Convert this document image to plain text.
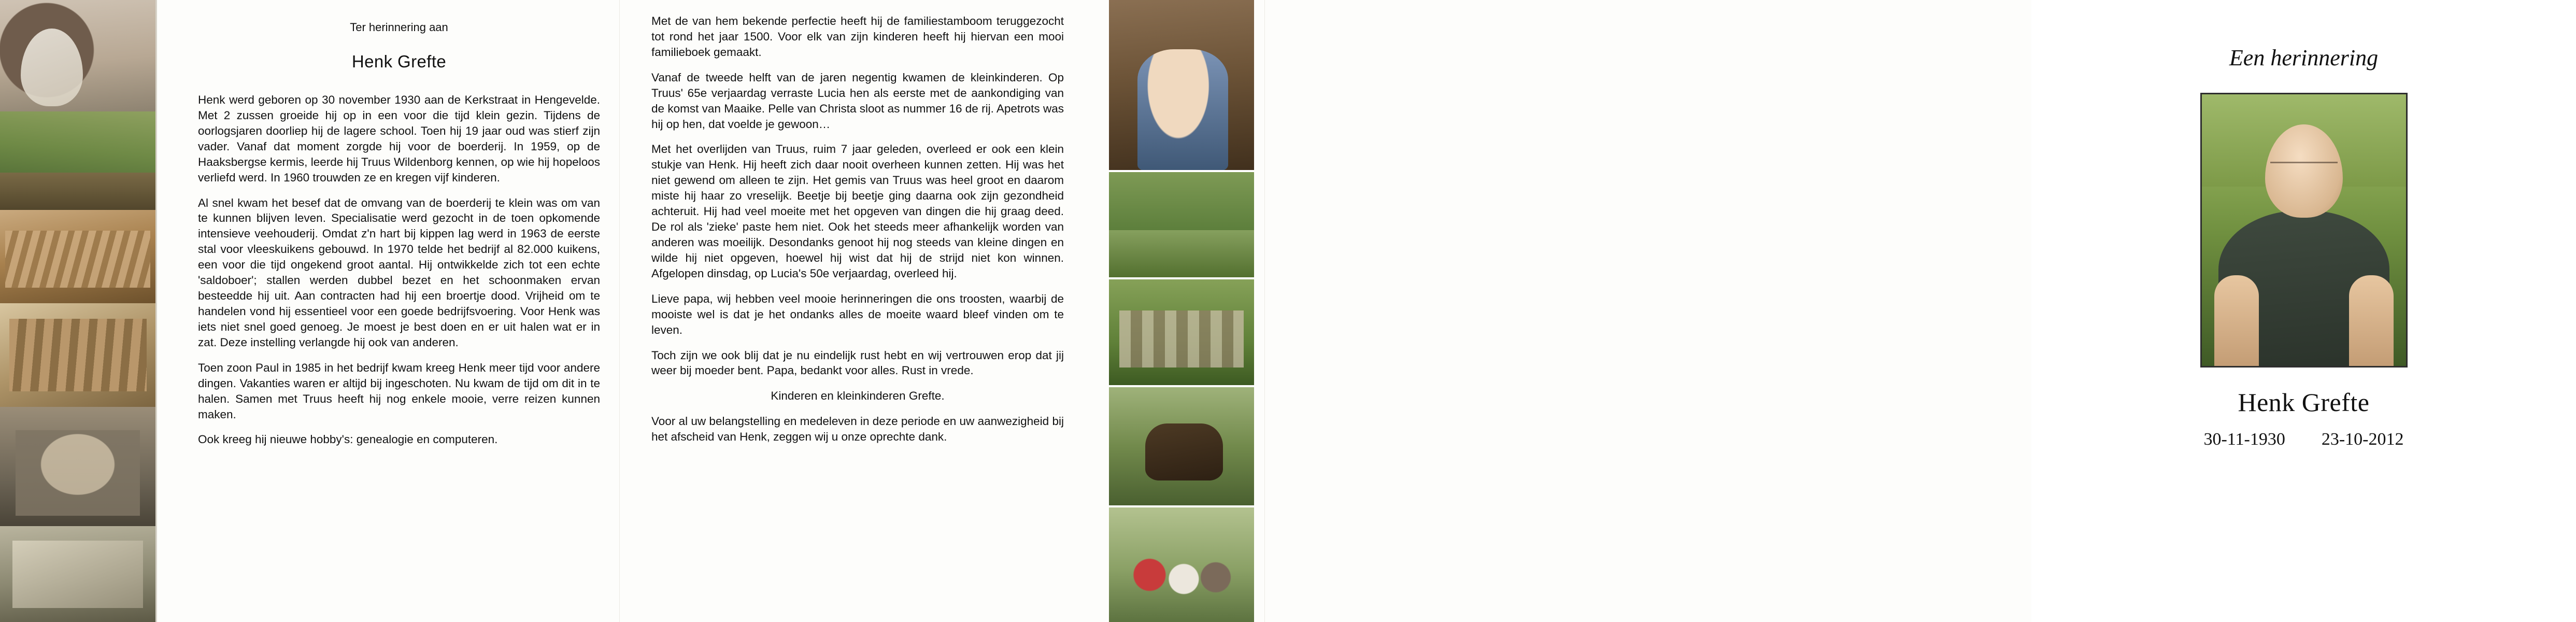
Ter herinnering aan
Henk Grefte

Henk werd geboren op 30 november 1930 aan de Kerkstraat in Hengevelde. Met 2 zussen groeide hij op in een voor die tijd klein gezin. Tijdens de oorlogsjaren doorliep hij de lagere school. Toen hij 19 jaar oud was stierf zijn vader. Vanaf dat moment zorgde hij voor de boerderij. In 1959, op de Haaksbergse kermis, leerde hij Truus Wildenborg kennen, op wie hij hopeloos verliefd werd. In 1960 trouwden ze en kregen vijf kinderen.

Al snel kwam het besef dat de omvang van de boerderij te klein was om van te kunnen blijven leven. Specialisatie werd gezocht in de toen opkomende intensieve veehouderij. Omdat z'n hart bij kippen lag werd in 1963 de eerste stal voor vleeskuikens gebouwd. In 1970 telde het bedrijf al 82.000 kuikens, een voor die tijd ongekend groot aantal. Hij ontwikkelde zich tot een echte 'saldoboer'; stallen werden dubbel bezet en het schoonmaken ervan besteedde hij uit. Aan contracten had hij een broertje dood. Vrijheid om te handelen vond hij essentieel voor een goede bedrijfsvoering. Voor Henk was iets niet snel goed genoeg. Je moest je best doen en er uit halen wat er in zat. Deze instelling verlangde hij ook van anderen.

Toen zoon Paul in 1985 in het bedrijf kwam kreeg Henk meer tijd voor andere dingen. Vakanties waren er altijd bij ingeschoten. Nu kwam de tijd om dit in te halen. Samen met Truus heeft hij nog enkele mooie, verre reizen kunnen maken.

Ook kreeg hij nieuwe hobby's: genealogie en computeren.

Met de van hem bekende perfectie heeft hij de familiestamboom teruggezocht tot rond het jaar 1500. Voor elk van zijn kinderen heeft hij hiervan een mooi familieboek gemaakt.

Vanaf de tweede helft van de jaren negentig kwamen de kleinkinderen. Op Truus' 65e verjaardag verraste Lucia hen als eerste met de aankondiging van de komst van Maaike. Pelle van Christa sloot as nummer 16 de rij. Apetrots was hij op hen, dat voelde je gewoon…

Met het overlijden van Truus, ruim 7 jaar geleden, overleed er ook een klein stukje van Henk. Hij heeft zich daar nooit overheen kunnen zetten. Hij was het niet gewend om alleen te zijn. Het gemis van Truus was heel groot en daarom miste hij haar zo vreselijk. Beetje bij beetje ging daarna ook zijn gezondheid achteruit. Hij had veel moeite met het opgeven van dingen die hij graag deed. De rol als 'zieke' paste hem niet. Ook het steeds meer afhankelijk worden van anderen was moeilijk. Desondanks genoot hij nog steeds van kleine dingen en wilde hij niet opgeven, hoewel hij wist dat hij de strijd niet kon winnen. Afgelopen dinsdag, op Lucia's 50e verjaardag, overleed hij.

Lieve papa, wij hebben veel mooie herinneringen die ons troosten, waarbij de mooiste wel is dat je het ondanks alles de moeite waard bleef vinden om te leven.

Toch zijn we ook blij dat je nu eindelijk rust hebt en wij vertrouwen erop dat jij weer bij moeder bent. Papa, bedankt voor alles. Rust in vrede.

Kinderen en kleinkinderen Grefte.

Voor al uw belangstelling en medeleven in deze periode en uw aanwezigheid bij het afscheid van Henk, zeggen wij u onze oprechte dank.

Een herinnering
Henk Grefte
30-11-1930 23-10-2012
